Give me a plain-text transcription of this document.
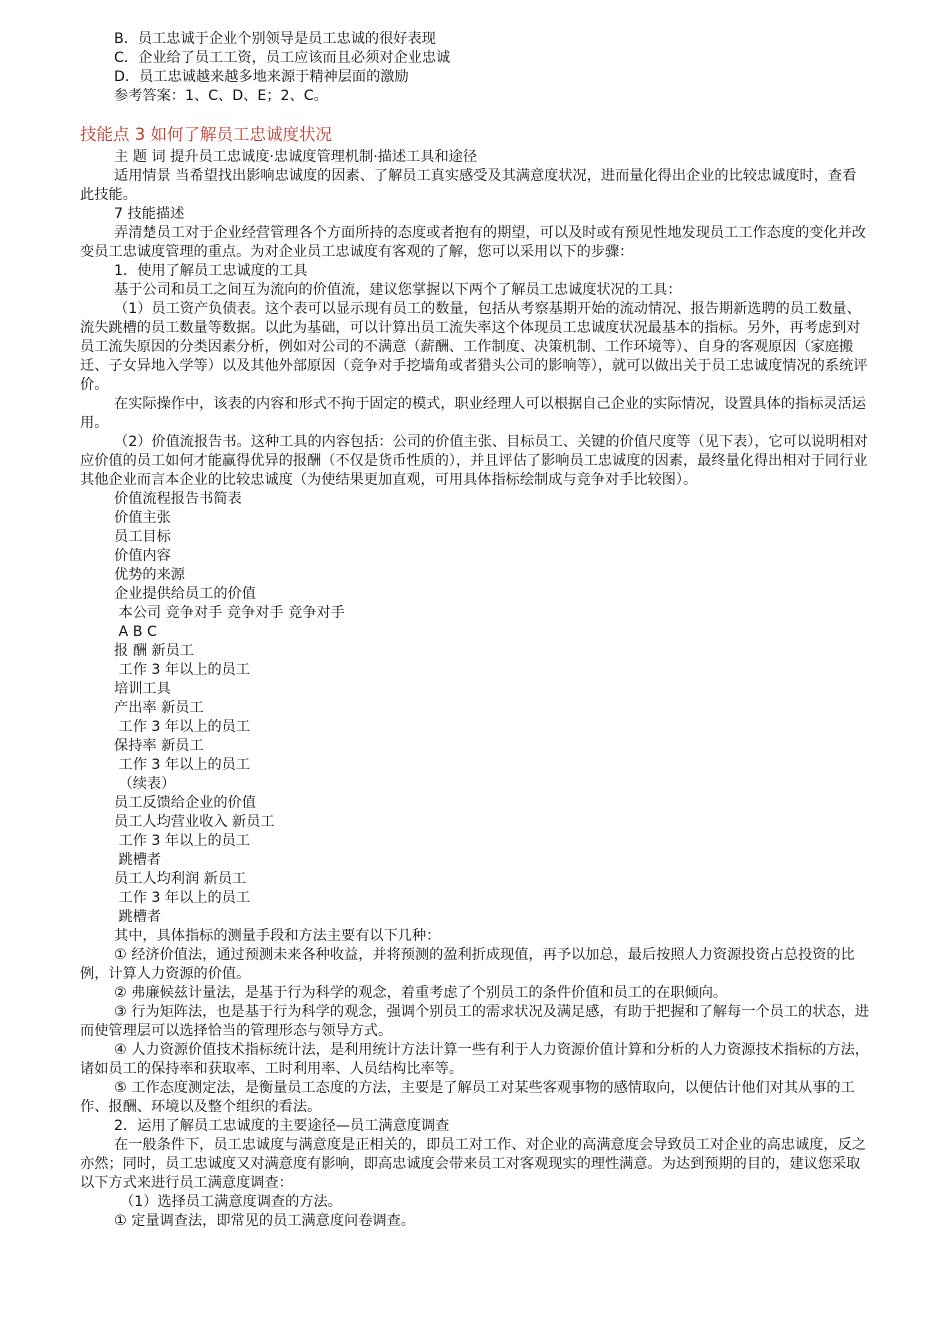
B．员工忠诚于企业个别领导是员工忠诚的很好表现

C．企业给了员工工资，员工应该而且必须对企业忠诚

D．员工忠诚越来越多地来源于精神层面的激励

参考答案：1、C、D、E；2、C。

技能点 3 如何了解员工忠诚度状况

主 题 词 提升员工忠诚度·忠诚度管理机制·描述工具和途径

适用情景 当希望找出影响忠诚度的因素、了解员工真实感受及其满意度状况，进而量化得出企业的比较忠诚度时，查看此技能。

7 技能描述

弄清楚员工对于企业经营管理各个方面所持的态度或者抱有的期望，可以及时或有预见性地发现员工工作态度的变化并改变员工忠诚度管理的重点。为对企业员工忠诚度有客观的了解，您可以采用以下的步骤：

1．使用了解员工忠诚度的工具

基于公司和员工之间互为流向的价值流，建议您掌握以下两个了解员工忠诚度状况的工具：

（1）员工资产负债表。这个表可以显示现有员工的数量，包括从考察基期开始的流动情况、报告期新选聘的员工数量、流失跳槽的员工数量等数据。以此为基础，可以计算出员工流失率这个体现员工忠诚度状况最基本的指标。另外，再考虑到对员工流失原因的分类因素分析，例如对公司的不满意（薪酬、工作制度、决策机制、工作环境等）、自身的客观原因（家庭搬迁、子女异地入学等）以及其他外部原因（竞争对手挖墙角或者猎头公司的影响等），就可以做出关于员工忠诚度情况的系统评价。

在实际操作中，该表的内容和形式不拘于固定的模式，职业经理人可以根据自己企业的实际情况，设置具体的指标灵活运用。

（2）价值流报告书。这种工具的内容包括：公司的价值主张、目标员工、关键的价值尺度等（见下表），它可以说明相对应价值的员工如何才能赢得优异的报酬（不仅是货币性质的），并且评估了影响员工忠诚度的因素，最终量化得出相对于同行业其他企业而言本企业的比较忠诚度（为使结果更加直观，可用具体指标绘制成与竞争对手比较图）。

价值流程报告书简表

价值主张

员工目标

价值内容

优势的来源

企业提供给员工的价值

本公司 竞争对手 竞争对手 竞争对手

A B C

报 酬 新员工

工作 3 年以上的员工

培训工具

产出率 新员工

工作 3 年以上的员工

保持率 新员工

工作 3 年以上的员工

（续表）

员工反馈给企业的价值

员工人均营业收入 新员工

工作 3 年以上的员工

跳槽者

员工人均利润 新员工

工作 3 年以上的员工

跳槽者

其中，具体指标的测量手段和方法主要有以下几种：

① 经济价值法，通过预测未来各种收益，并将预测的盈利折成现值，再予以加总，最后按照人力资源投资占总投资的比例，计算人力资源的价值。

② 弗廉候兹计量法，是基于行为科学的观念，着重考虑了个别员工的条件价值和员工的在职倾向。

③ 行为矩阵法，也是基于行为科学的观念，强调个别员工的需求状况及满足感，有助于把握和了解每一个员工的状态，进而使管理层可以选择恰当的管理形态与领导方式。

④ 人力资源价值技术指标统计法，是利用统计方法计算一些有利于人力资源价值计算和分析的人力资源技术指标的方法，诸如员工的保持率和获取率、工时利用率、人员结构比率等。

⑤ 工作态度测定法，是衡量员工态度的方法，主要是了解员工对某些客观事物的感情取向，以便估计他们对其从事的工作、报酬、环境以及整个组织的看法。

2．运用了解员工忠诚度的主要途径—员工满意度调查

在一般条件下，员工忠诚度与满意度是正相关的，即员工对工作、对企业的高满意度会导致员工对企业的高忠诚度，反之亦然；同时，员工忠诚度又对满意度有影响，即高忠诚度会带来员工对客观现实的理性满意。为达到预期的目的，建议您采取以下方式来进行员工满意度调查：

（1）选择员工满意度调查的方法。

① 定量调查法，即常见的员工满意度问卷调查。
